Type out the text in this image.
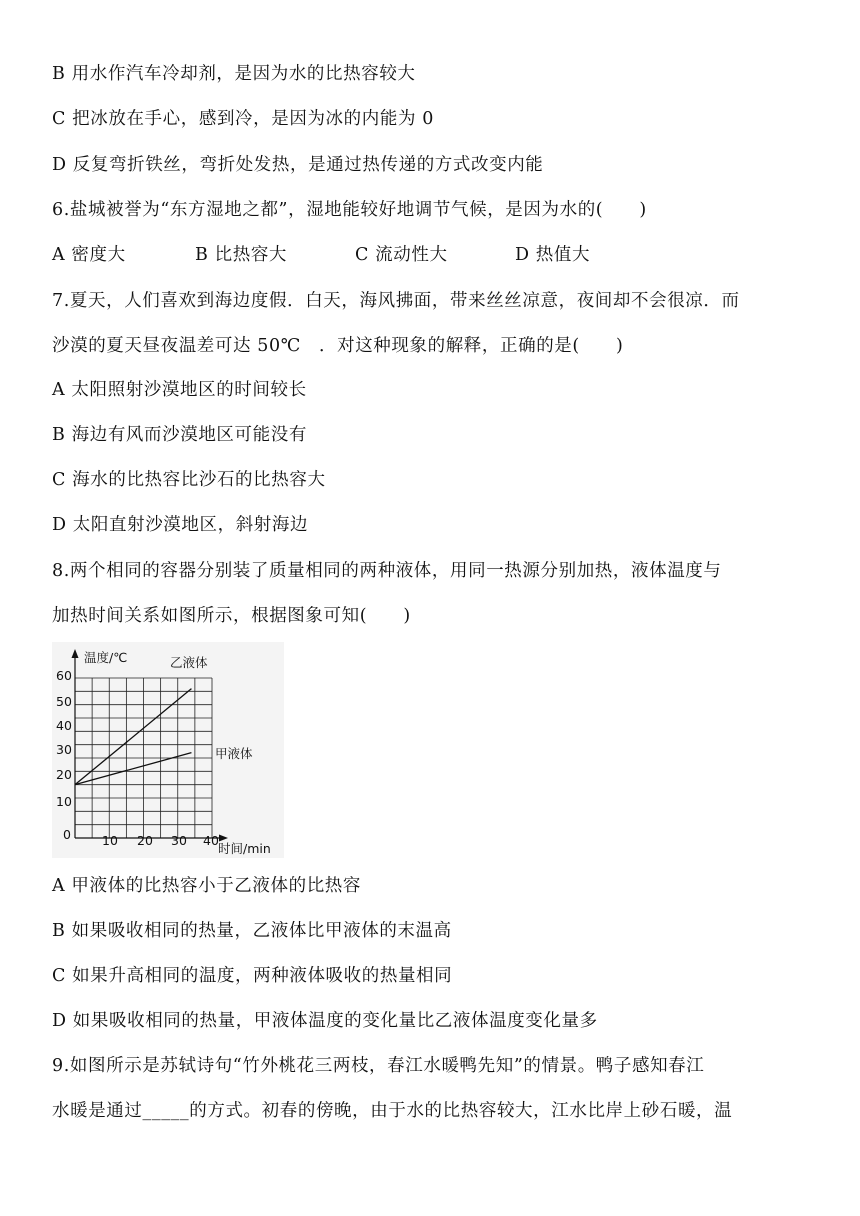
B 用水作汽车冷却剂，是因为水的比热容较大
C 把冰放在手心，感到冷，是因为冰的内能为 0
D 反复弯折铁丝，弯折处发热，是通过热传递的方式改变内能
6.盐城被誉为“东方湿地之都”，湿地能较好地调节气候，是因为水的(　　)
A 密度大	B 比热容大	C 流动性大	D 热值大
7.夏天，人们喜欢到海边度假．白天，海风拂面，带来丝丝凉意，夜间却不会很凉．而
沙漠的夏天昼夜温差可达 50℃　．对这种现象的解释，正确的是(　　)
A 太阳照射沙漠地区的时间较长
B 海边有风而沙漠地区可能没有
C 海水的比热容比沙石的比热容大
D 太阳直射沙漠地区，斜射海边
8.两个相同的容器分别装了质量相同的两种液体，用同一热源分别加热，液体温度与
加热时间关系如图所示，根据图象可知(　　)
温度/℃
时间/min
0 10 20 30 40
10
20
30
40
50
60
乙液体
甲液体
A 甲液体的比热容小于乙液体的比热容
B 如果吸收相同的热量，乙液体比甲液体的末温高
C 如果升高相同的温度，两种液体吸收的热量相同
D 如果吸收相同的热量，甲液体温度的变化量比乙液体温度变化量多
9.如图所示是苏轼诗句“竹外桃花三两枝，春江水暖鸭先知”的情景。鸭子感知春江
水暖是通过_____的方式。初春的傍晚，由于水的比热容较大，江水比岸上砂石暖，温
